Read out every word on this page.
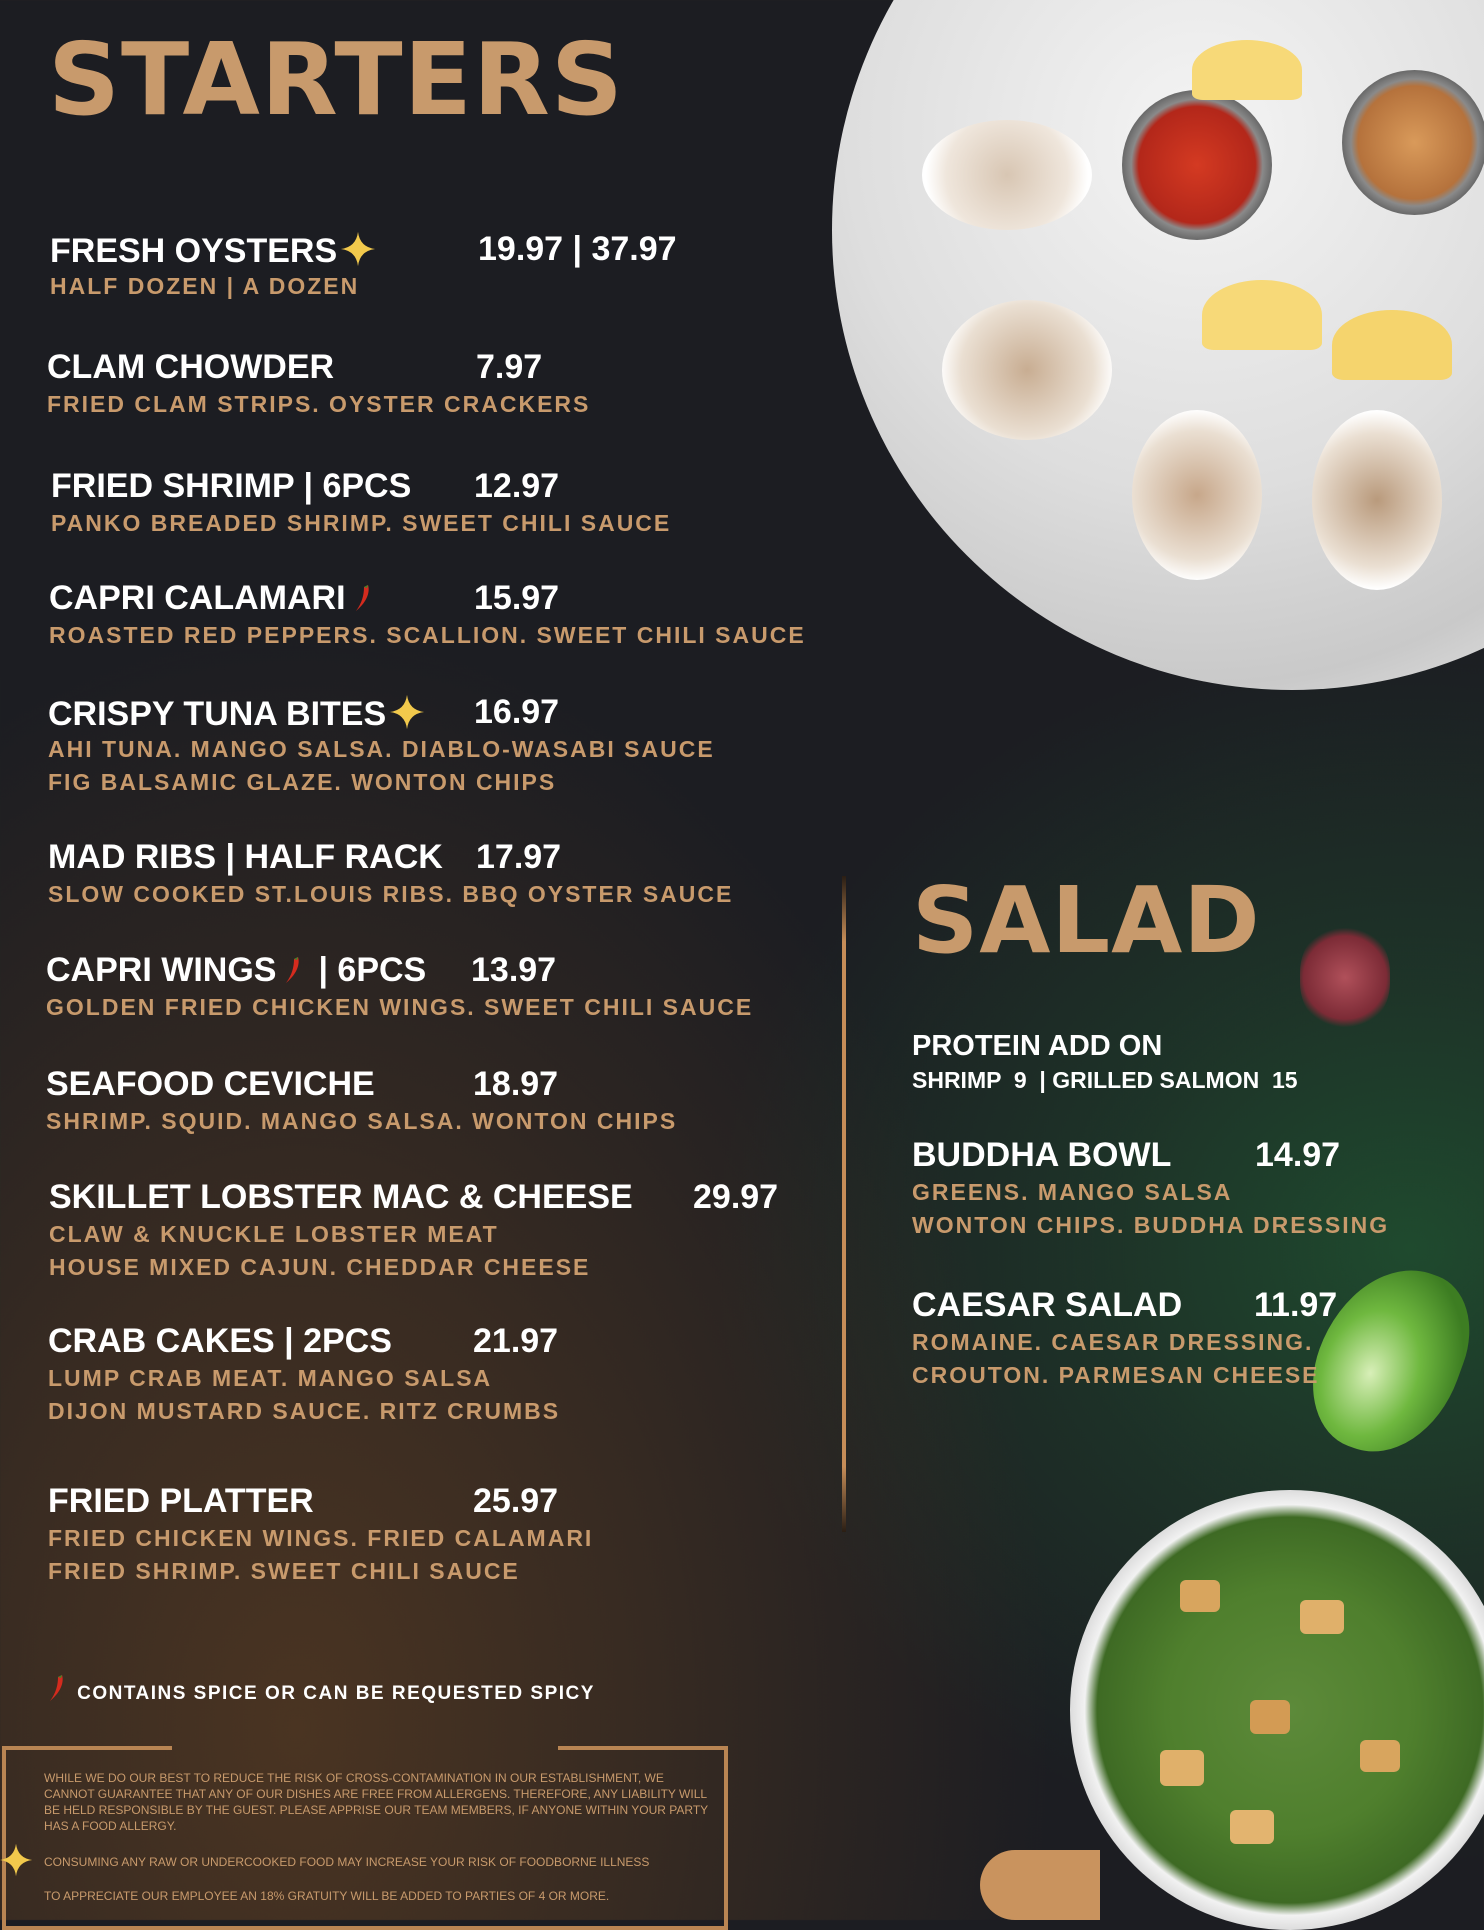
STARTERS
FRESH OYSTERS	19.97 | 37.97
HALF DOZEN | A DOZEN
CLAM CHOWDER	7.97
FRIED CLAM STRIPS. OYSTER CRACKERS
FRIED SHRIMP | 6PCS 12.97
PANKO BREADED SHRIMP. SWEET CHILI SAUCE
CAPRI CALAMARI	15.97
ROASTED RED PEPPERS. SCALLION. SWEET CHILI SAUCE
CRISPY TUNA BITES	16.97
AHI TUNA. MANGO SALSA. DIABLO-WASABI SAUCE
FIG BALSAMIC GLAZE. WONTON CHIPS
MAD RIBS | HALF RACK 17.97
SLOW COOKED ST.LOUIS RIBS. BBQ OYSTER SAUCE
CAPRI WINGS | 6PCS 13.97
GOLDEN FRIED CHICKEN WINGS. SWEET CHILI SAUCE
SEAFOOD CEVICHE	18.97
SHRIMP. SQUID. MANGO SALSA. WONTON CHIPS
SKILLET LOBSTER MAC & CHEESE 29.97
CLAW & KNUCKLE LOBSTER MEAT
HOUSE MIXED CAJUN. CHEDDAR CHEESE
CRAB CAKES | 2PCS 21.97
LUMP CRAB MEAT. MANGO SALSA
DIJON MUSTARD SAUCE. RITZ CRUMBS
FRIED PLATTER	25.97
FRIED CHICKEN WINGS. FRIED CALAMARI
FRIED SHRIMP. SWEET CHILI SAUCE
CONTAINS SPICE OR CAN BE REQUESTED SPICY
SALAD
PROTEIN ADD ON
SHRIMP  9  | GRILLED SALMON  15
BUDDHA BOWL 14.97
GREENS. MANGO SALSA
WONTON CHIPS. BUDDHA DRESSING
CAESAR SALAD 11.97
ROMAINE. CAESAR DRESSING.
CROUTON. PARMESAN CHEESE
WHILE WE DO OUR BEST TO REDUCE THE RISK OF CROSS-CONTAMINATION IN OUR ESTABLISHMENT, WE CANNOT GUARANTEE THAT ANY OF OUR DISHES ARE FREE FROM ALLERGENS. THEREFORE, ANY LIABILITY WILL BE HELD RESPONSIBLE BY THE GUEST. PLEASE APPRISE OUR TEAM MEMBERS, IF ANYONE WITHIN YOUR PARTY HAS A FOOD ALLERGY.
CONSUMING ANY RAW OR UNDERCOOKED FOOD MAY INCREASE YOUR RISK OF FOODBORNE ILLNESS
TO APPRECIATE OUR EMPLOYEE AN 18% GRATUITY WILL BE ADDED TO PARTIES OF 4 OR MORE.
